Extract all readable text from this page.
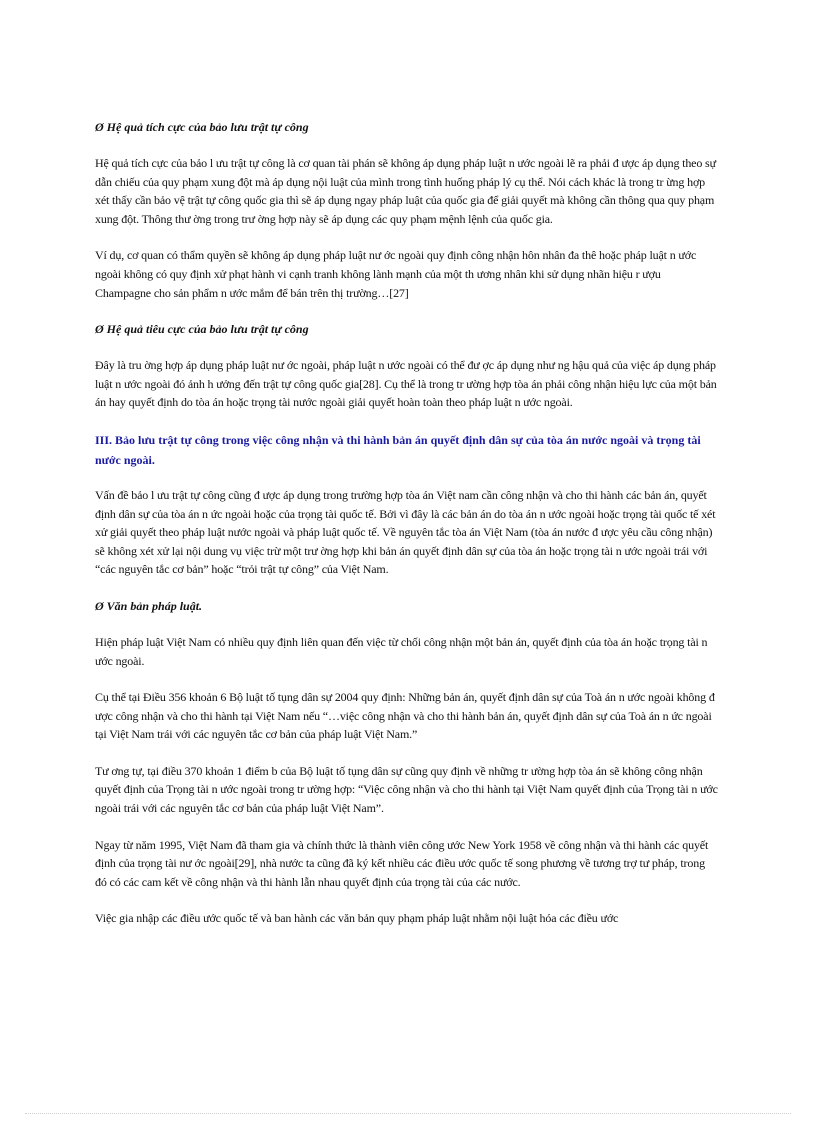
Ø Hệ quả tích cực của bảo lưu trật tự công

Hệ quả tích cực của bảo l ưu trật tự công là cơ quan tài phán sẽ không áp dụng pháp luật n ước ngoài lẽ ra phải đ ược áp dụng theo sự dẫn chiếu của quy phạm xung đột mà áp dụng nội luật của mình trong tình huống pháp lý cụ thể. Nói cách khác là trong tr ừng hợp xét thấy cần bảo vệ trật tự công quốc gia thì sẽ áp dụng ngay pháp luật của quốc gia để giải quyết mà không cần thông qua quy phạm xung đột. Thông thư ờng trong trư ờng hợp này sẽ áp dụng các quy phạm mệnh lệnh của quốc gia.

Ví dụ, cơ quan có thẩm quyền sẽ không áp dụng pháp luật nư ớc ngoài quy định công nhận hôn nhân đa thê hoặc pháp luật n ước ngoài không có quy định xử phạt hành vi cạnh tranh không lành mạnh của một th ương nhân khi sử dụng nhãn hiệu r ượu Champagne cho sản phẩm n ước mắm để bán trên thị trường…[27]

Ø Hệ quả tiêu cực của bảo lưu trật tự công

Đây là tru ờng hợp áp dụng pháp luật nư ớc ngoài, pháp luật n ước ngoài có thể đư ợc áp dụng như ng hậu quả của việc áp dụng pháp luật n ước ngoài đó ảnh h ưởng đến trật tự công quốc gia[28]. Cụ thể là trong tr ường hợp tòa án phải công nhận hiệu lực của một bản án hay quyết định do tòa án hoặc trọng tài nước ngoài giải quyết hoàn toàn theo pháp luật n ước ngoài.

III. Bảo lưu trật tự công trong việc công nhận và thi hành bản án quyết định dân sự của tòa án nước ngoài và trọng tài nước ngoài.

Vấn đề bảo l ưu trật tự công cũng đ ược áp dụng trong trường hợp tòa án Việt nam cần công nhận và cho thi hành các bản án, quyết định dân sự của tòa án n ức ngoài hoặc của trọng tài quốc tế. Bởi vì đây là các bản án do tòa án n ước ngoài hoặc trọng tài quốc tế xét xử giải quyết theo pháp luật nước ngoài và pháp luật quốc tế. Về nguyên tắc tòa án Việt Nam (tòa án nước đ ược yêu cầu công nhận) sẽ không xét xử lại nội dung vụ việc trừ một trư ờng hợp khi bản án quyết định dân sự của tòa án hoặc trọng tài n ước ngoài trái với “các nguyên tắc cơ bản” hoặc “trỏi trật tự công” của Việt Nam.

Ø Văn bản pháp luật.

Hiện pháp luật Việt Nam có nhiều quy định liên quan đến việc từ chối công nhận một bản án, quyết định của tòa án hoặc trọng tài n ước ngoài.

Cụ thể tại Điều 356 khoản 6 Bộ luật tố tụng dân sự 2004 quy định: Những bản án, quyết định dân sự của Toà án n ước ngoài không đ ược công nhận và cho thi hành tại Việt Nam nếu “…việc công nhận và cho thi hành bản án, quyết định dân sự của Toà án n ức ngoài tại Việt Nam trái với các nguyên tắc cơ bản của pháp luật Việt Nam.”

Tư ơng tự, tại điều 370 khoản 1 điểm b của Bộ luật tố tụng dân sự cũng quy định về những tr ường hợp tòa án sẽ không công nhận quyết định của Trọng tài n ước ngoài trong tr ường hợp: “Việc công nhận và cho thi hành tại Việt Nam quyết định của Trọng tài n ước ngoài trái với các nguyên tắc cơ bản của pháp luật Việt Nam”.

Ngay từ năm 1995, Việt Nam đã tham gia và chính thức là thành viên công ước New York 1958 về công nhận và thi hành các quyết định của trọng tài nư ớc ngoài[29], nhà nước ta cũng đã ký kết nhiều các điều ước quốc tế song phương về tương trợ tư pháp, trong đó có các cam kết về công nhận và thi hành lẫn nhau quyết định của trọng tài của các nước.

Việc gia nhập các điều ước quốc tế và ban hành các văn bản quy phạm pháp luật nhằm nội luật hóa các điều ước
